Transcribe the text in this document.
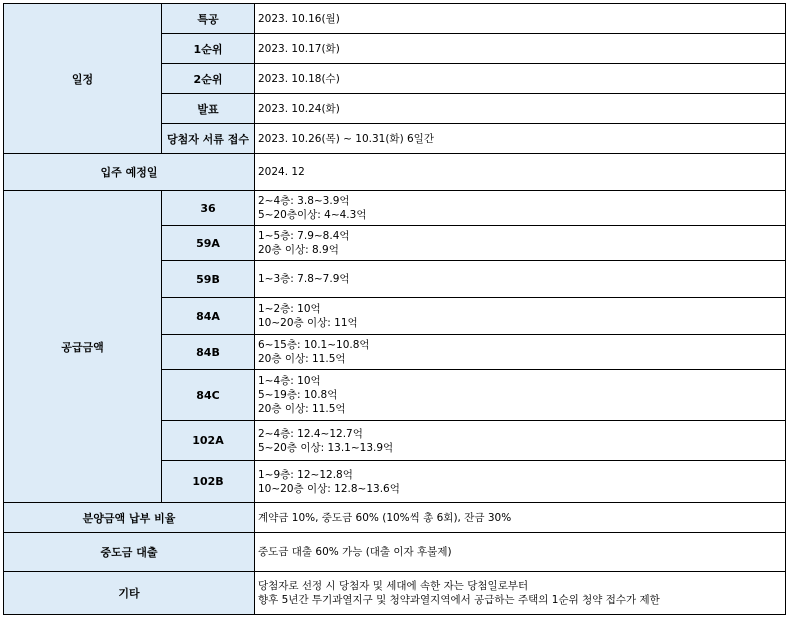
일정	특공	2023. 10.16(월)
	1순위	2023. 10.17(화)
	2순위	2023. 10.18(수)
	발표	2023. 10.24(화)
	당첨자 서류 접수	2023. 10.26(목) ~ 10.31(화) 6일간
입주 예정일		2024. 12
공급금액	36	2~4층: 3.8~3.9억
5~20층이상: 4~4.3억

	59A	1~5층: 7.9~8.4억
20층 이상: 8.9억

	59B	1~3층: 7.8~7.9억

	84A	1~2층: 10억
10~20층 이상: 11억

	84B	6~15층: 10.1~10.8억
20층 이상: 11.5억

	84C	1~4층: 10억
5~19층: 10.8억
20층 이상: 11.5억

	102A	2~4층: 12.4~12.7억
5~20층 이상: 13.1~13.9억

	102B	1~9층: 12~12.8억
10~20층 이상: 12.8~13.6억

분양금액 납부 비율		계약금 10%, 중도금 60% (10%씩 총 6회), 잔금 30%
중도금 대출		중도금 대출 60% 가능 (대출 이자 후불제)
기타		당첨자로 선정 시 당첨자 및 세대에 속한 자는 당첨일로부터
향후 5년간 투기과열지구 및 청약과열지역에서 공급하는 주택의 1순위 청약 접수가 제한
